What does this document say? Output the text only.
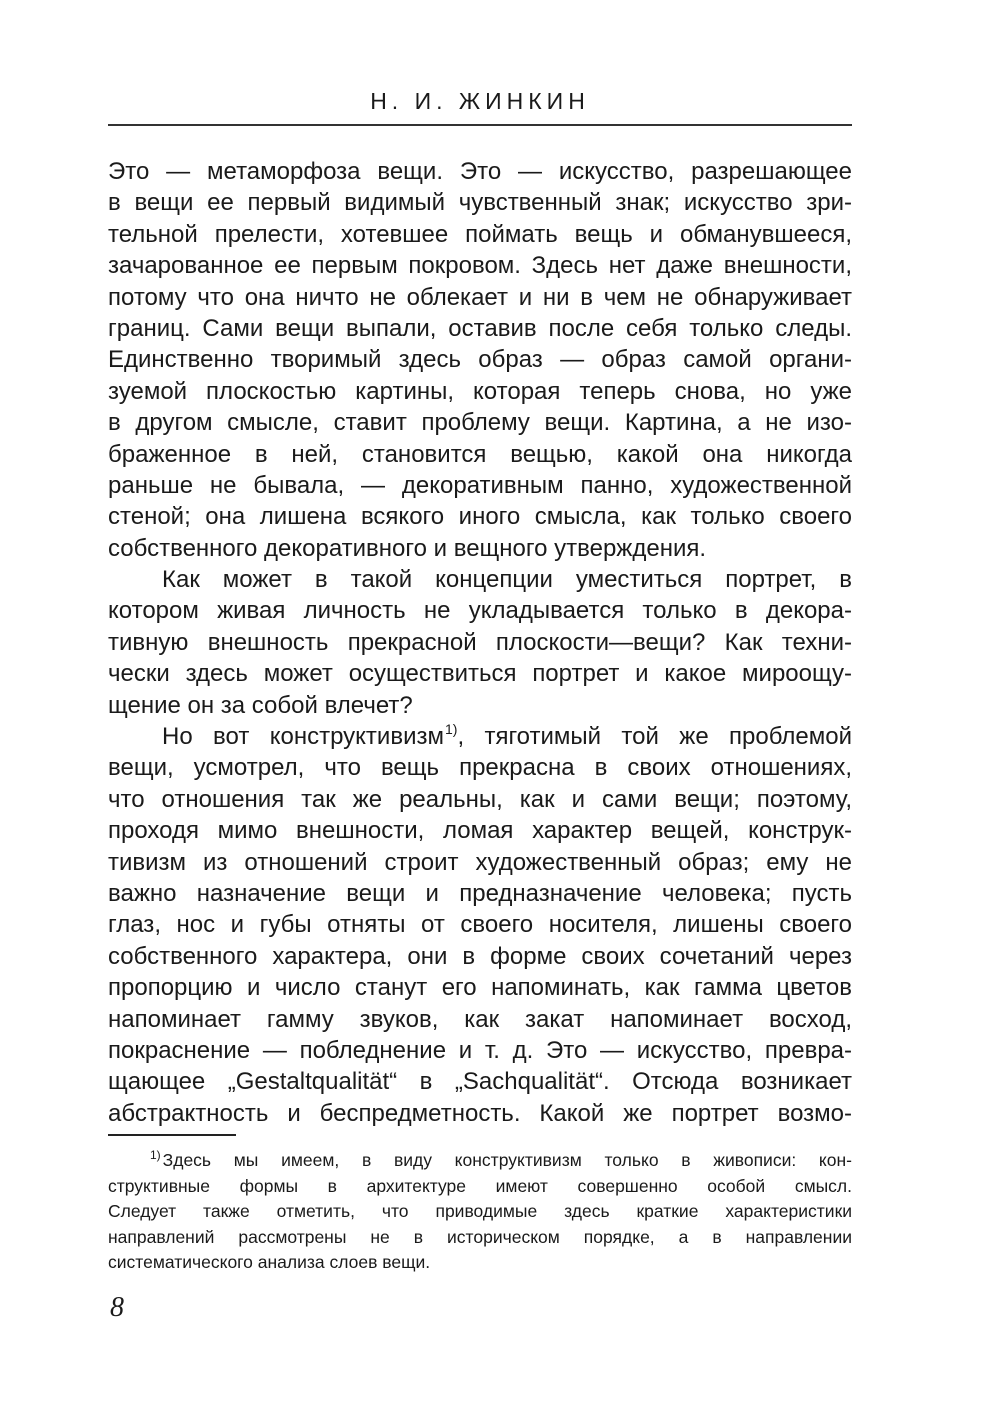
Н. И. ЖИНКИН
Это — метаморфоза вещи. Это — искусство, разрешающее
в вещи ее первый видимый чувственный знак; искусство зри-
тельной прелести, хотевшее поймать вещь и обманувшееся,
зачарованное ее первым покровом. Здесь нет даже внешности,
потому что она ничто не облекает и ни в чем не обнаруживает
границ. Сами вещи выпали, оставив после себя только следы.
Единственно творимый здесь образ — образ самой органи-
зуемой плоскостью картины, которая теперь снова, но уже
в другом смысле, ставит проблему вещи. Картина, а не изо-
браженное в ней, становится вещью, какой она никогда
раньше не бывала, — декоративным панно, художественной
стеной; она лишена всякого иного смысла, как только своего
собственного декоративного и вещного утверждения.
Как может в такой концепции уместиться портрет, в
котором живая личность не укладывается только в декора-
тивную внешность прекрасной плоскости—вещи? Как техни-
чески здесь может осуществиться портрет и какое мироощу-
щение он за собой влечет?
Но вот конструктивизм$^{1)}$, тяготимый той же проблемой
вещи, усмотрел, что вещь прекрасна в своих отношениях,
что отношения так же реальны, как и сами вещи; поэтому,
проходя мимо внешности, ломая характер вещей, конструк-
тивизм из отношений строит художественный образ; ему не
важно назначение вещи и предназначение человека; пусть
глаз, нос и губы отняты от своего носителя, лишены своего
собственного характера, они в форме своих сочетаний через
пропорцию и число станут его напоминать, как гамма цветов
напоминает гамму звуков, как закат напоминает восход,
покраснение — побледнение и т. д. Это — искусство, превра-
щающее „Gestaltqualität“ в „Sachqualität“. Отсюда возникает
абстрактность и беспредметность. Какой же портрет возмо-
$^{1)}$ Здесь мы имеем, в виду конструктивизм только в живописи: кон-
структивные формы в архитектуре имеют совершенно особой смысл.
Следует также отметить, что приводимые здесь краткие характеристики
направлений рассмотрены не в историческом порядке, а в направлении
систематического анализа слоев вещи.
8
